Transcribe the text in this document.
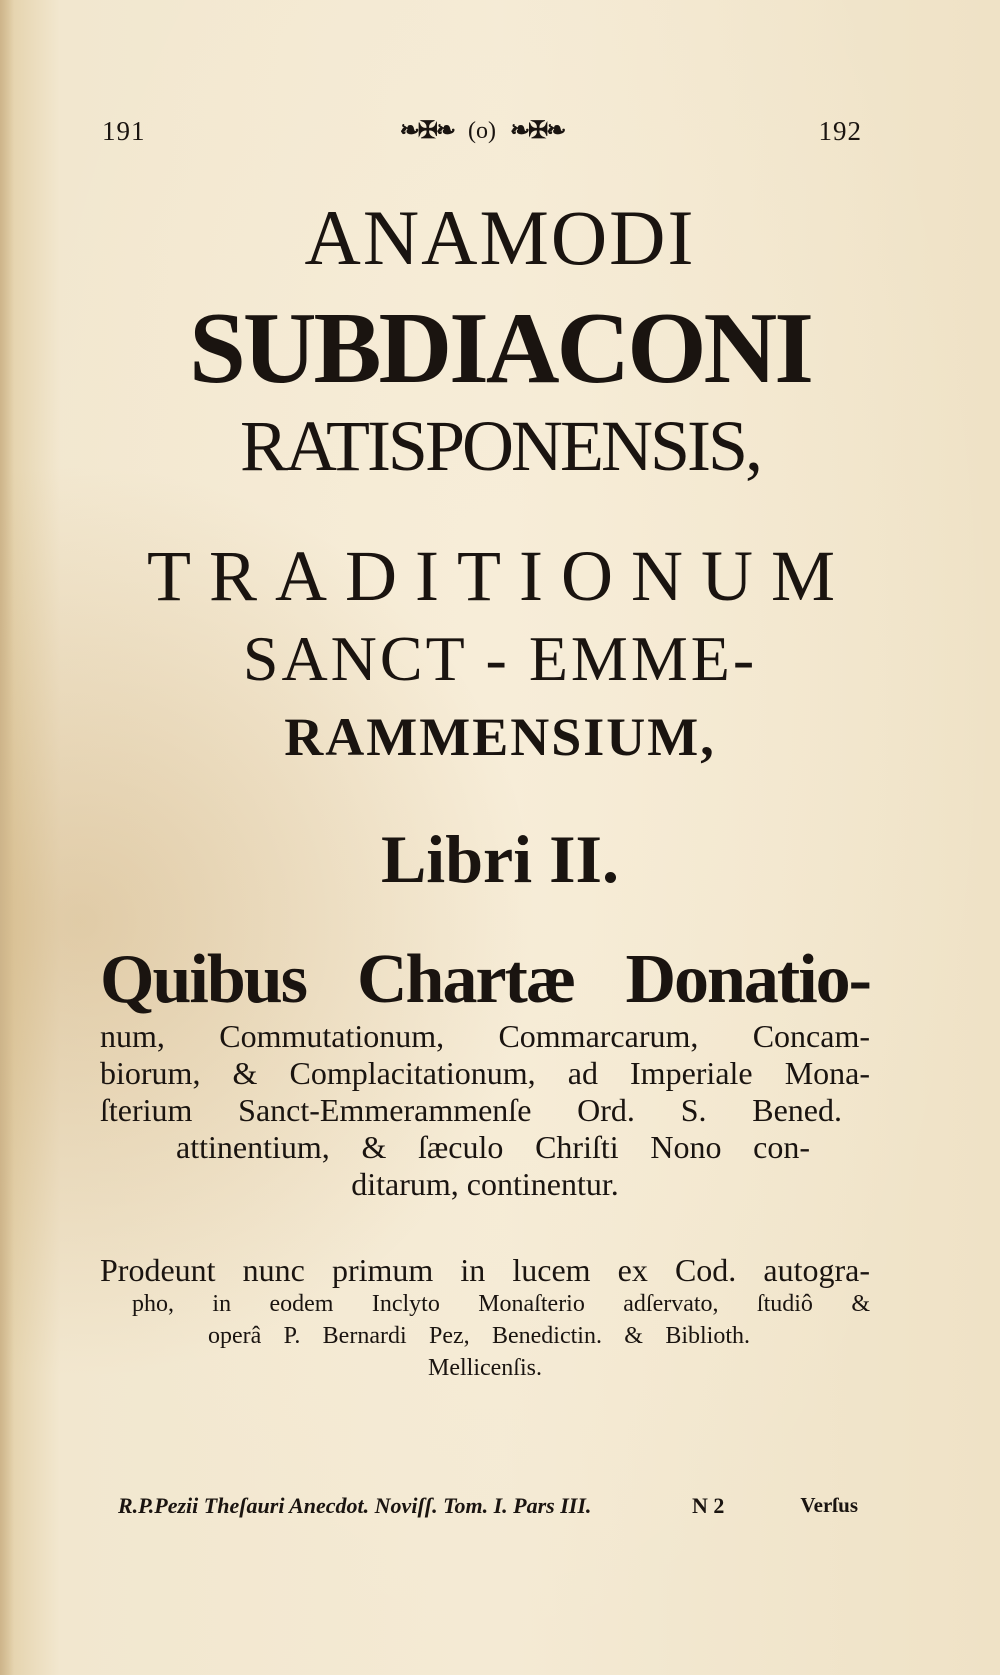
191	❧✠❧ (o) ❧✠❧	192
ANAMODI
SUBDIACONI
RATISPONENSIS,
TRADITIONUM
SANCT - EMME-
RAMMENSIUM,
Libri II.
Quibus Chartæ Donatio-
num, Commutationum, Commarcarum, Concam-
biorum, & Complacitationum, ad Imperiale Mona-
ſterium Sanct-Emmerammenſe Ord. S. Bened.
attinentium, & ſæculo Chriſti Nono con-
ditarum, continentur.
Prodeunt nunc primum in lucem ex Cod. autogra-
pho, in eodem Inclyto Monaſterio adſervato, ſtudiô &
operâ P. Bernardi Pez, Benedictin. & Biblioth.
Mellicenſis.
R.P.Pezii Theſauri Anecdot. Noviſſ. Tom. I. Pars III.	N 2	Verſus
